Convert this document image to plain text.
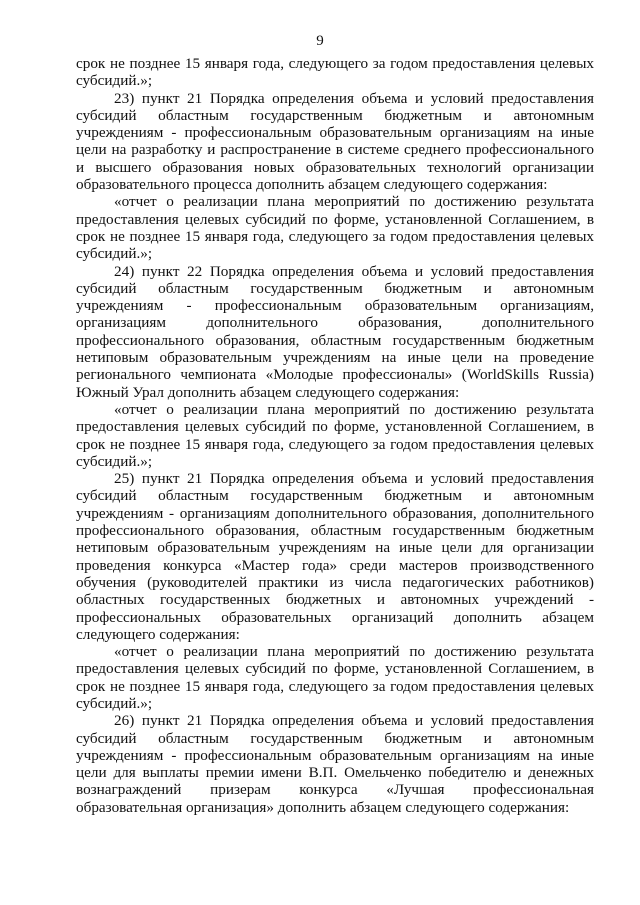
9

срок не позднее 15 января года, следующего за годом предоставления целевых субсидий.»;

23) пункт 21 Порядка определения объема и условий предоставления субсидий областным государственным бюджетным и автономным учреждениям - профессиональным образовательным организациям на иные цели на разработку и распространение в системе среднего профессионального и высшего образования новых образовательных технологий организации образовательного процесса дополнить абзацем следующего содержания:

«отчет о реализации плана мероприятий по достижению результата предоставления целевых субсидий по форме, установленной Соглашением, в срок не позднее 15 января года, следующего за годом предоставления целевых субсидий.»;

24) пункт 22 Порядка определения объема и условий предоставления субсидий областным государственным бюджетным и автономным учреждениям - профессиональным образовательным организациям, организациям дополнительного образования, дополнительного профессионального образования, областным государственным бюджетным нетиповым образовательным учреждениям на иные цели на проведение регионального чемпионата «Молодые профессионалы» (WorldSkills Russia) Южный Урал дополнить абзацем следующего содержания:

«отчет о реализации плана мероприятий по достижению результата предоставления целевых субсидий по форме, установленной Соглашением, в срок не позднее 15 января года, следующего за годом предоставления целевых субсидий.»;

25) пункт 21 Порядка определения объема и условий предоставления субсидий областным государственным бюджетным и автономным учреждениям - организациям дополнительного образования, дополнительного профессионального образования, областным государственным бюджетным нетиповым образовательным учреждениям на иные цели для организации проведения конкурса «Мастер года» среди мастеров производственного обучения (руководителей практики из числа педагогических работников) областных государственных бюджетных и автономных учреждений - профессиональных образовательных организаций дополнить абзацем следующего содержания:

«отчет о реализации плана мероприятий по достижению результата предоставления целевых субсидий по форме, установленной Соглашением, в срок не позднее 15 января года, следующего за годом предоставления целевых субсидий.»;

26) пункт 21 Порядка определения объема и условий предоставления субсидий областным государственным бюджетным и автономным учреждениям - профессиональным образовательным организациям на иные цели для выплаты премии имени В.П. Омельченко победителю и денежных вознаграждений призерам конкурса «Лучшая профессиональная образовательная организация» дополнить абзацем следующего содержания:
